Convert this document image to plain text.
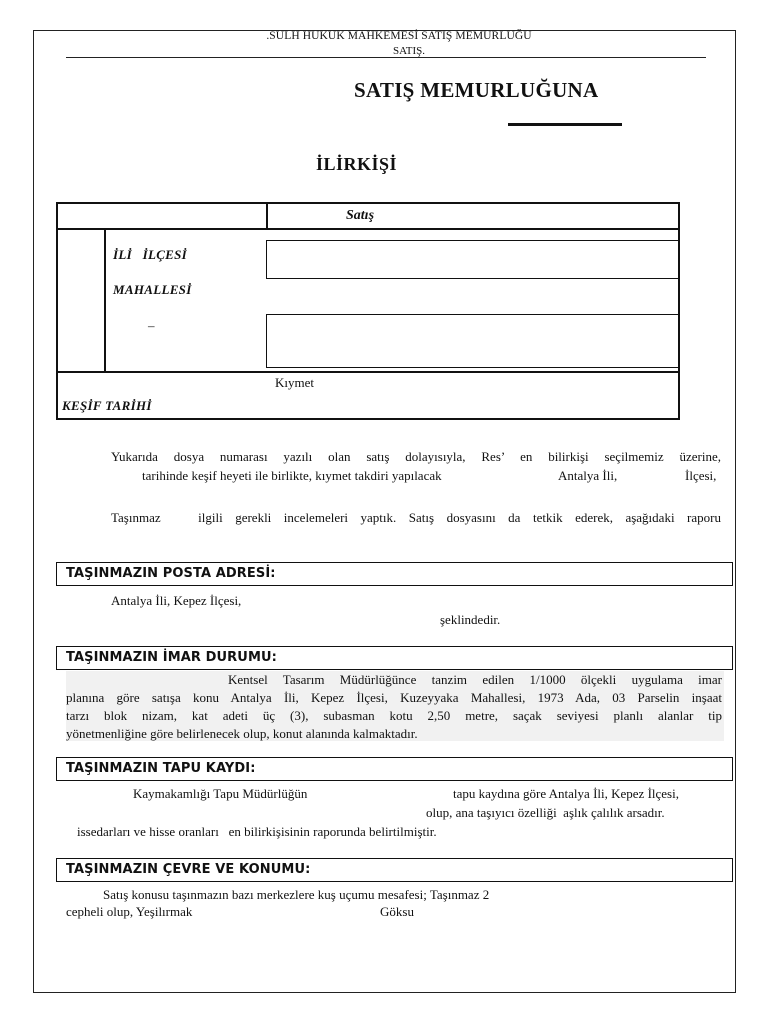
.SULH HUKUK MAHKEMESİ SATIŞ MEMURLUĞU
SATIŞ.
SATIŞ MEMURLUĞUNA
İLİRKİŞİ
Satış
İLİ   İLÇESİ
MAHALLESİ
–
Kıymet
KEŞİF TARİHİ
Yukarıda dosya numarası yazılı olan satış dolayısıyla, Res’ en bilirkişi seçilmemiz üzerine,
tarihinde keşif heyeti ile birlikte, kıymet takdiri yapılacak	Antalya İli,	İlçesi,
Taşınmaz   ilgili gerekli incelemeleri yaptık. Satış dosyasını da tetkik ederek, aşağıdaki raporu
TAŞINMAZIN POSTA ADRESİ:
Antalya İli, Kepez İlçesi,
şeklindedir.
TAŞINMAZIN İMAR DURUMU:
Kentsel Tasarım Müdürlüğünce tanzim edilen 1/1000 ölçekli uygulama imar
planına göre satışa konu Antalya İli, Kepez İlçesi, Kuzeyyaka Mahallesi, 1973 Ada, 03 Parselin inşaat
tarzı blok nizam, kat adeti üç (3), subasman kotu 2,50 metre, saçak seviyesi planlı alanlar tip
yönetmenliğine göre belirlenecek olup, konut alanında kalmaktadır.
TAŞINMAZIN TAPU KAYDI:
Kaymakamlığı Tapu Müdürlüğün	tapu kaydına göre Antalya İli, Kepez İlçesi,
olup, ana taşıyıcı özelliği  aşlık çalılık arsadır.
issedarları ve hisse oranları   en bilirkişisinin raporunda belirtilmiştir.
TAŞINMAZIN ÇEVRE VE KONUMU:
Satış konusu taşınmazın bazı merkezlere kuş uçumu mesafesi; Taşınmaz 2
cepheli olup, Yeşilırmak	Göksu
